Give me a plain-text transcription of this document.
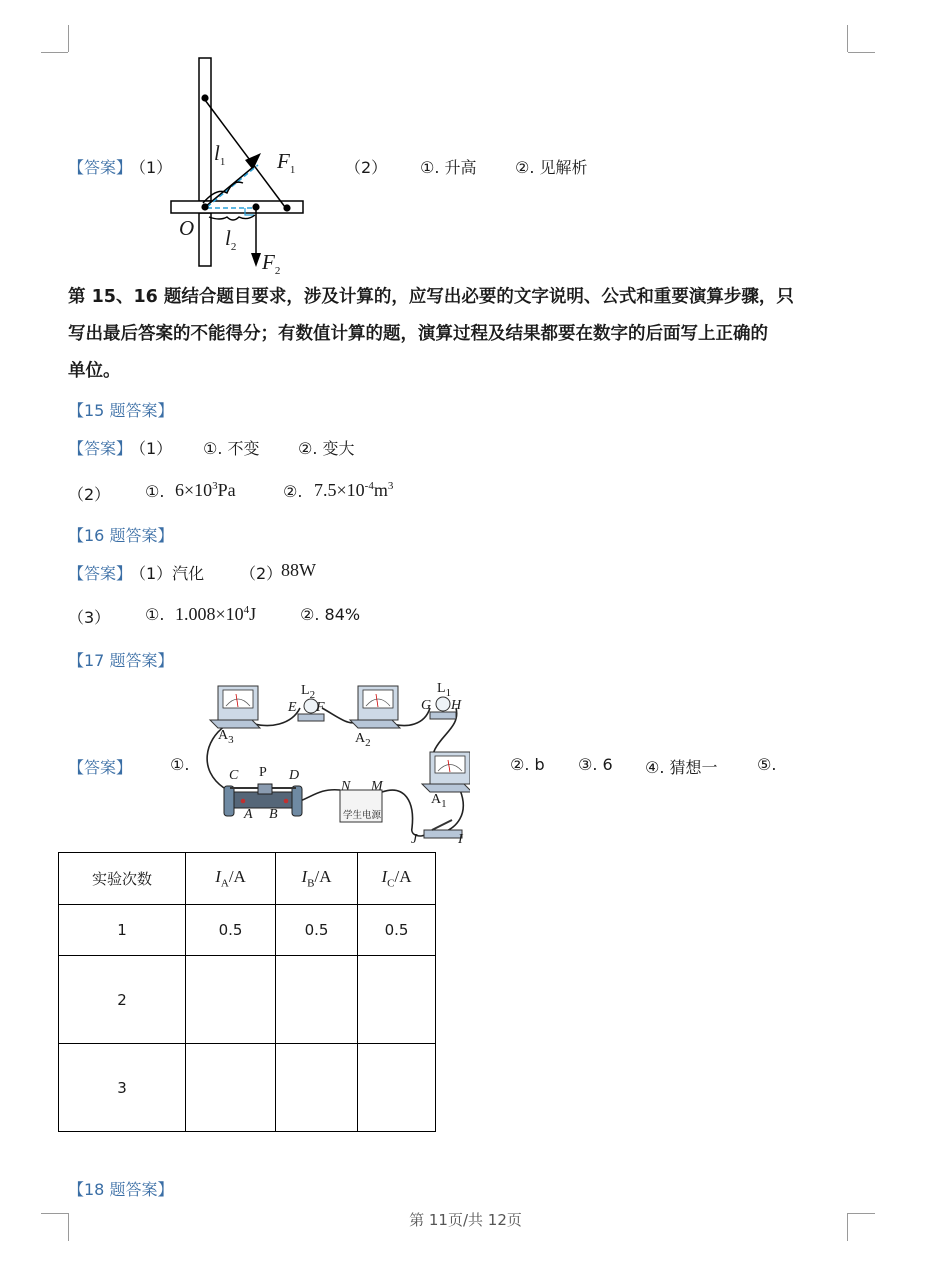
【答案】
（1）	（2） ①. 升高 ②. 见解析
$l_1$ $F_1$
O $l_2$
$F_2$
第 15、16 题结合题目要求，涉及计算的，应写出必要的文字说明、公式和重要演算步骤，只
写出最后答案的不能得分；有数值计算的题，演算过程及结果都要在数字的后面写上正确的
单位。
【15 题答案】
【答案】
（1） ①. 不变 ②. 变大
（2） ①. $6\times 10^3Pa$	②. $7.5\times 10^{-4}m^3$
【16 题答案】
【答案】
（1）汽化 （2）
88W
（3） ①. $1.008\times 10^4J$	②. 84%
【17 题答案】
【答案】 ①.	②. b ③. 6 ④. 猜想一 ⑤.
$A_3$
$L_2$
E F
$A_2$
$L_1$
G H
$A_1$
C P D
A B
N M
学生电源
J	I
实验次数	$I_A/A$	$I_B/A$	$I_C/A$
1	0.5	0.5	0.5
2			
3			
【18 题答案】
第 11页/共 12页
